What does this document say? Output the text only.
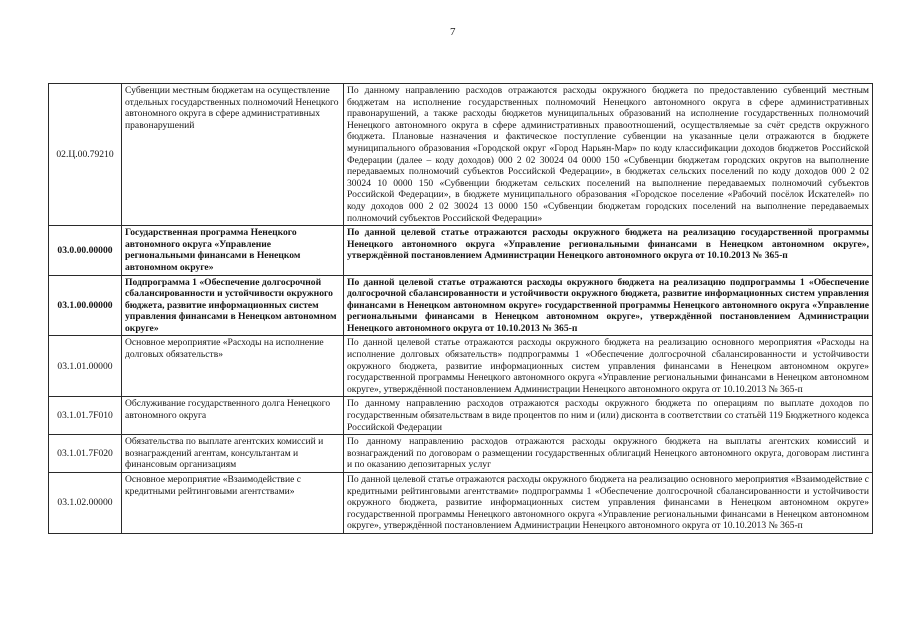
7
02.Ц.00.79210	Субвенции местным бюджетам на осуществление отдельных государственных полномочий Ненецкого автономного округа в сфере административных правонарушений	По данному направлению расходов отражаются расходы окружного бюджета по предоставлению субвенций местным бюджетам на исполнение государственных полномочий Ненецкого автономного округа в сфере административных правонарушений, а также расходы бюджетов муниципальных образований на исполнение государственных полномочий Ненецкого автономного округа в сфере административных правоотношений, осуществляемые за счёт средств окружного бюджета. Плановые назначения и фактическое поступление субвенции на указанные цели отражаются в бюджете муниципального образования «Городской округ «Город Нарьян-Мар» по коду классификации доходов бюджетов Российской Федерации (далее – коду доходов) 000 2 02 30024 04 0000 150 «Субвенции бюджетам городских округов на выполнение передаваемых полномочий субъектов Российской Федерации», в бюджетах сельских поселений по коду доходов 000 2 02 30024 10 0000 150 «Субвенции бюджетам сельских поселений на выполнение передаваемых полномочий субъектов Российской Федерации», в бюджете муниципального образования «Городское поселение «Рабочий посёлок Искателей» по коду доходов 000 2 02 30024 13 0000 150 «Субвенции бюджетам городских поселений на выполнение передаваемых полномочий субъектов Российской Федерации»
03.0.00.00000	Государственная программа Ненецкого автономного округа «Управление региональными финансами в Ненецком автономном округе»	По данной целевой статье отражаются расходы окружного бюджета на реализацию государственной программы Ненецкого автономного округа «Управление региональными финансами в Ненецком автономном округе», утверждённой постановлением Администрации Ненецкого автономного округа от 10.10.2013 № 365-п
03.1.00.00000	Подпрограмма 1 «Обеспечение долгосрочной сбалансированности и устойчивости окружного бюджета, развитие информационных систем управления финансами в Ненецком автономном округе»	По данной целевой статье отражаются расходы окружного бюджета на реализацию подпрограммы 1 «Обеспечение долгосрочной сбалансированности и устойчивости окружного бюджета, развитие информационных систем управления финансами в Ненецком автономном округе» государственной программы Ненецкого автономного округа «Управление региональными финансами в Ненецком автономном округе», утверждённой постановлением Администрации Ненецкого автономного округа от 10.10.2013 № 365-п
03.1.01.00000	Основное мероприятие «Расходы на исполнение долговых обязательств»	По данной целевой статье отражаются расходы окружного бюджета на реализацию основного мероприятия «Расходы на исполнение долговых обязательств» подпрограммы 1 «Обеспечение долгосрочной сбалансированности и устойчивости окружного бюджета, развитие информационных систем управления финансами в Ненецком автономном округе» государственной программы Ненецкого автономного округа «Управление региональными финансами в Ненецком автономном округе», утверждённой постановлением Администрации Ненецкого автономного округа от 10.10.2013 № 365-п
03.1.01.7F010	Обслуживание государственного долга Ненецкого автономного округа	По данному направлению расходов отражаются расходы окружного бюджета по операциям по выплате доходов по государственным обязательствам в виде процентов по ним и (или) дисконта в соответствии со статьёй 119 Бюджетного кодекса Российской Федерации
03.1.01.7F020	Обязательства по выплате агентских комиссий и вознаграждений агентам, консультантам и финансовым организациям	По данному направлению расходов отражаются расходы окружного бюджета на выплаты агентских комиссий и вознаграждений по договорам о размещении государственных облигаций Ненецкого автономного округа, договорам листинга и по оказанию депозитарных услуг
03.1.02.00000	Основное мероприятие «Взаимодействие с кредитными рейтинговыми агентствами»	По данной целевой статье отражаются расходы окружного бюджета на реализацию основного мероприятия «Взаимодействие с кредитными рейтинговыми агентствами» подпрограммы 1 «Обеспечение долгосрочной сбалансированности и устойчивости окружного бюджета, развитие информационных систем управления финансами в Ненецком автономном округе» государственной программы Ненецкого автономного округа «Управление региональными финансами в Ненецком автономном округе», утверждённой постановлением Администрации Ненецкого автономного округа от 10.10.2013 № 365-п
